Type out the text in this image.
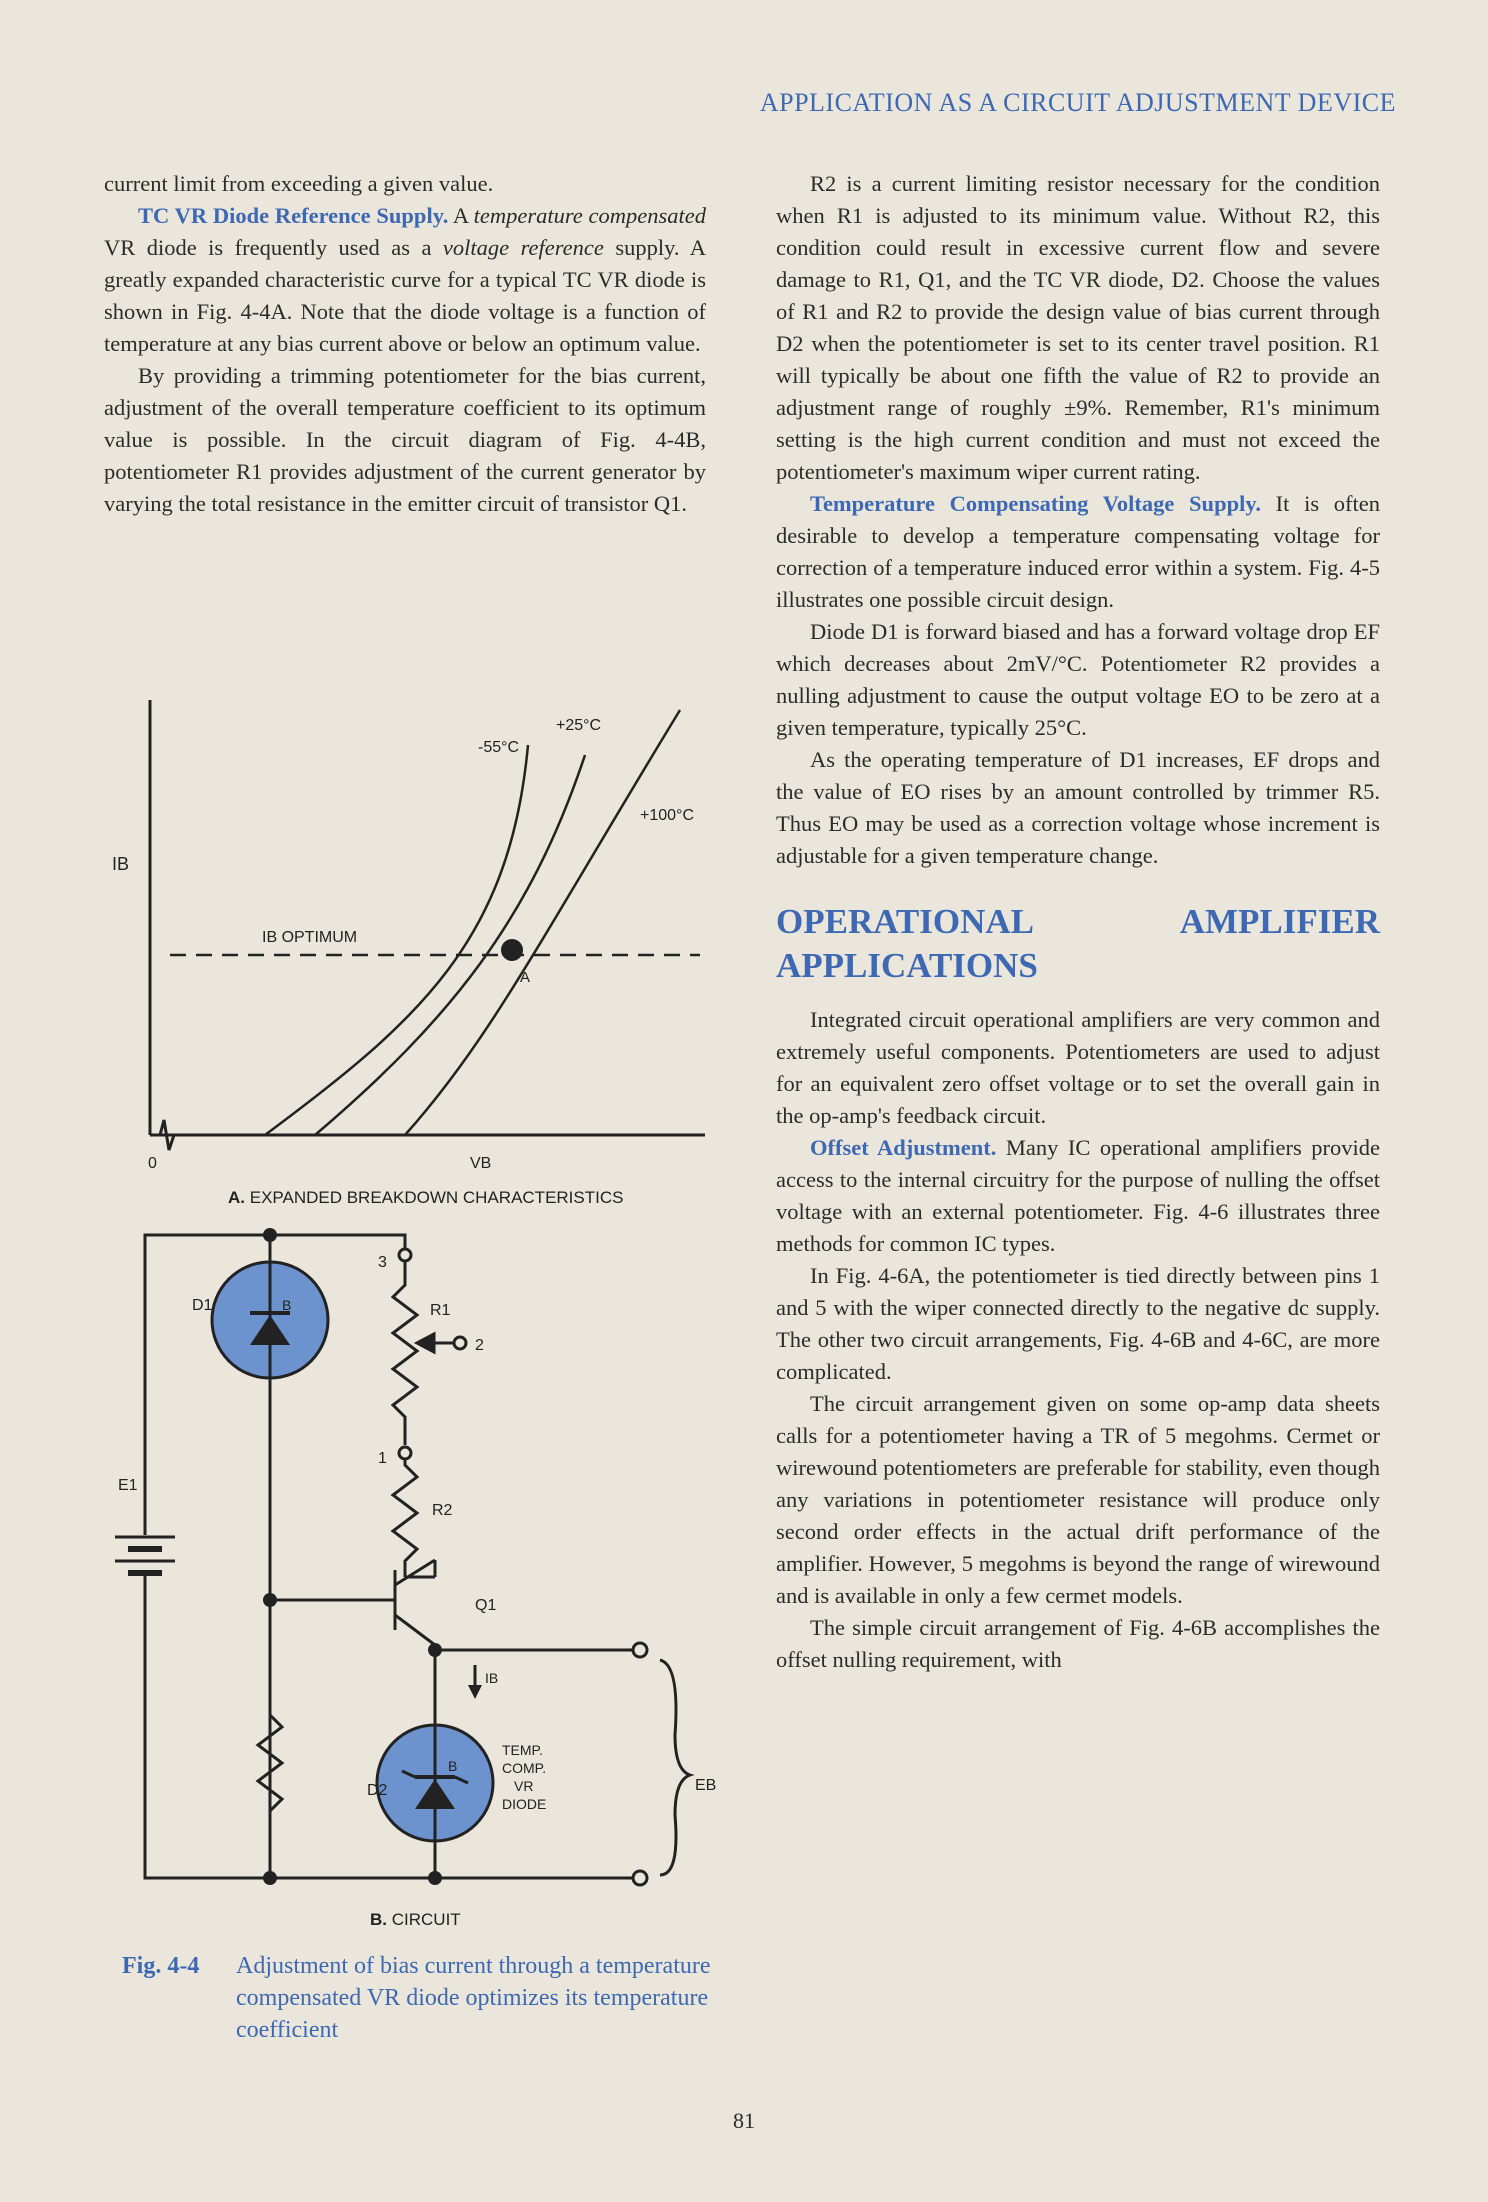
APPLICATION AS A CIRCUIT ADJUSTMENT DEVICE

current limit from exceeding a given value.

TC VR Diode Reference Supply. A temperature compensated VR diode is frequently used as a voltage reference supply. A greatly expanded characteristic curve for a typical TC VR diode is shown in Fig. 4-4A. Note that the diode voltage is a function of temperature at any bias current above or below an optimum value.

By providing a trimming potentiometer for the bias current, adjustment of the overall temperature coefficient to its optimum value is possible. In the circuit diagram of Fig. 4-4B, potentiometer R1 provides adjustment of the current generator by varying the total resistance in the emitter circuit of transistor Q1.

IB
0	VB
-55°C
+25°C
+100°C
IB OPTIMUM
A
A. EXPANDED BREAKDOWN CHARACTERISTICS
D1	B
B
3
1
2
R1
R2
Q1
E1
IB
D2	EB
TEMP.
COMP.
VR
DIODE
B. CIRCUIT
Fig. 4-4 Adjustment of bias current through a temperature compensated VR diode optimizes its temperature coefficient

R2 is a current limiting resistor necessary for the condition when R1 is adjusted to its minimum value. Without R2, this condition could result in excessive current flow and severe damage to R1, Q1, and the TC VR diode, D2. Choose the values of R1 and R2 to provide the design value of bias current through D2 when the potentiometer is set to its center travel position. R1 will typically be about one fifth the value of R2 to provide an adjustment range of roughly ±9%. Remember, R1's minimum setting is the high current condition and must not exceed the potentiometer's maximum wiper current rating.

Temperature Compensating Voltage Supply. It is often desirable to develop a temperature compensating voltage for correction of a temperature induced error within a system. Fig. 4-5 illustrates one possible circuit design.

Diode D1 is forward biased and has a forward voltage drop EF which decreases about 2mV/°C. Potentiometer R2 provides a nulling adjustment to cause the output voltage EO to be zero at a given temperature, typically 25°C.

As the operating temperature of D1 increases, EF drops and the value of EO rises by an amount controlled by trimmer R5. Thus EO may be used as a correction voltage whose increment is adjustable for a given temperature change.

OPERATIONAL AMPLIFIER APPLICATIONS

Integrated circuit operational amplifiers are very common and extremely useful components. Potentiometers are used to adjust for an equivalent zero offset voltage or to set the overall gain in the op-amp's feedback circuit.

Offset Adjustment. Many IC operational amplifiers provide access to the internal circuitry for the purpose of nulling the offset voltage with an external potentiometer. Fig. 4-6 illustrates three methods for common IC types.

In Fig. 4-6A, the potentiometer is tied directly between pins 1 and 5 with the wiper connected directly to the negative dc supply. The other two circuit arrangements, Fig. 4-6B and 4-6C, are more complicated.

The circuit arrangement given on some op-amp data sheets calls for a potentiometer having a TR of 5 megohms. Cermet or wirewound potentiometers are preferable for stability, even though any variations in potentiometer resistance will produce only second order effects in the actual drift performance of the amplifier. However, 5 megohms is beyond the range of wirewound and is available in only a few cermet models.

The simple circuit arrangement of Fig. 4-6B accomplishes the offset nulling requirement, with

81
